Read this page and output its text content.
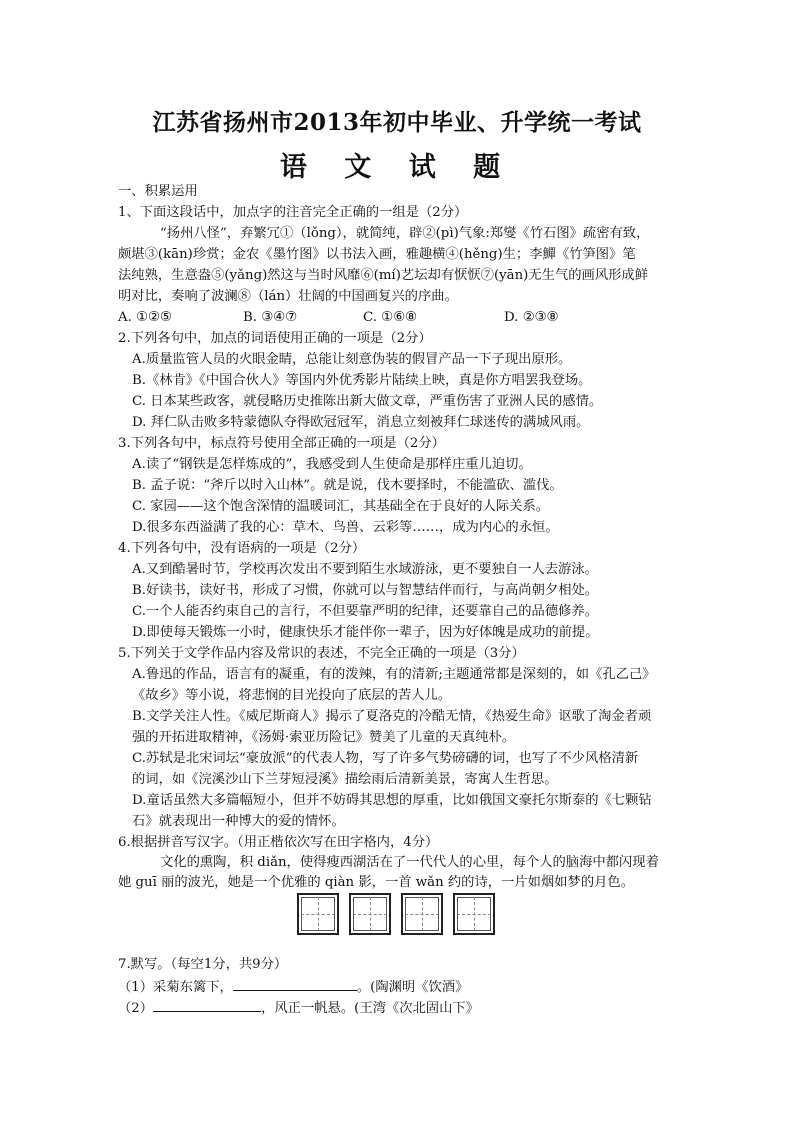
江苏省扬州市2013年初中毕业、升学统一考试
语 文 试 题
一、积累运用
1、下面这段话中，加点字的注音完全正确的一组是（2分）
“扬州八怪”，弃繁冗①（lǒng），就简纯，辟②(pì)气象:郑燮《竹石图》疏密有致，
颇堪③(kān)珍赏；金农《墨竹图》以书法入画，雅趣横④(hěng)生；李鱓《竹笋图》笔
法纯熟，生意盎⑤(yǎng)然这与当时风靡⑥(mí)艺坛却有恹恹⑦(yān)无生气的画风形成鲜
明对比，奏响了波澜⑧（lán）壮阔的中国画复兴的序曲。
A. ①②⑤	B. ③④⑦	C. ①⑥⑧	D. ②③⑧
2.下列各句中，加点的词语使用正确的一项是（2分）
A.质量监管人员的火眼金睛，总能让刻意伪装的假冒产品一下子现出原形。
B.《林肯》《中国合伙人》等国内外优秀影片陆续上映，真是你方唱罢我登场。
C. 日本某些政客，就侵略历史推陈出新大做文章，严重伤害了亚洲人民的感情。
D. 拜仁队击败多特蒙德队夺得欧冠冠军，消息立刻被拜仁球迷传的满城风雨。
3.下列各句中，标点符号使用全部正确的一项是（2分）
A.读了“钢铁是怎样炼成的”，我感受到人生使命是那样庄重儿迫切。
B. 孟子说：“斧斤以时入山林”。就是说，伐木要择时，不能滥砍、滥伐。
C. 家园——这个饱含深情的温暖词汇，其基础全在于良好的人际关系。
D.很多东西溢满了我的心：草木、鸟兽、云彩等……，成为内心的永恒。
4.下列各句中，没有语病的一项是（2分）
A.又到酷暑时节，学校再次发出不要到陌生水域游泳，更不要独自一人去游泳。
B.好读书，读好书，形成了习惯，你就可以与智慧结伴而行，与高尚朝夕相处。
C.一个人能否约束自己的言行，不但要靠严明的纪律，还要靠自己的品德修养。
D.即使每天锻炼一小时，健康快乐才能伴你一辈子，因为好体魄是成功的前提。
5.下列关于文学作品内容及常识的表述，不完全正确的一项是（3分）
A.鲁迅的作品，语言有的凝重，有的泼辣，有的清新;主题通常都是深刻的，如《孔乙己》
《故乡》等小说，将悲悯的目光投向了底层的苦人儿。
B.文学关注人性。《威尼斯商人》揭示了夏洛克的冷酷无情，《热爱生命》讴歌了淘金者顽
强的开拓进取精神，《汤姆·索亚历险记》赞美了儿童的天真纯朴。
C.苏轼是北宋词坛“豪放派”的代表人物，写了许多气势磅礴的词，也写了不少风格清新
的词，如《浣溪沙山下兰芽短浸溪》描绘雨后清新美景，寄寓人生哲思。
D.童话虽然大多篇幅短小，但并不妨碍其思想的厚重，比如俄国文豪托尔斯泰的《七颗钻
石》就表现出一种博大的爱的情怀。
6.根据拼音写汉字。（用正楷依次写在田字格内，4分）
文化的熏陶，积 diǎn，使得瘦西湖活在了一代代人的心里，每个人的脑海中都闪现着
她 guī 丽的波光，她是一个优雅的 qiàn 影，一首 wǎn 约的诗，一片如烟如梦的月色。
7.默写。（每空1分，共9分）
（1）采菊东篱下，	。(陶渊明《饮酒》
（2）	，风正一帆悬。(王湾《次北固山下》
